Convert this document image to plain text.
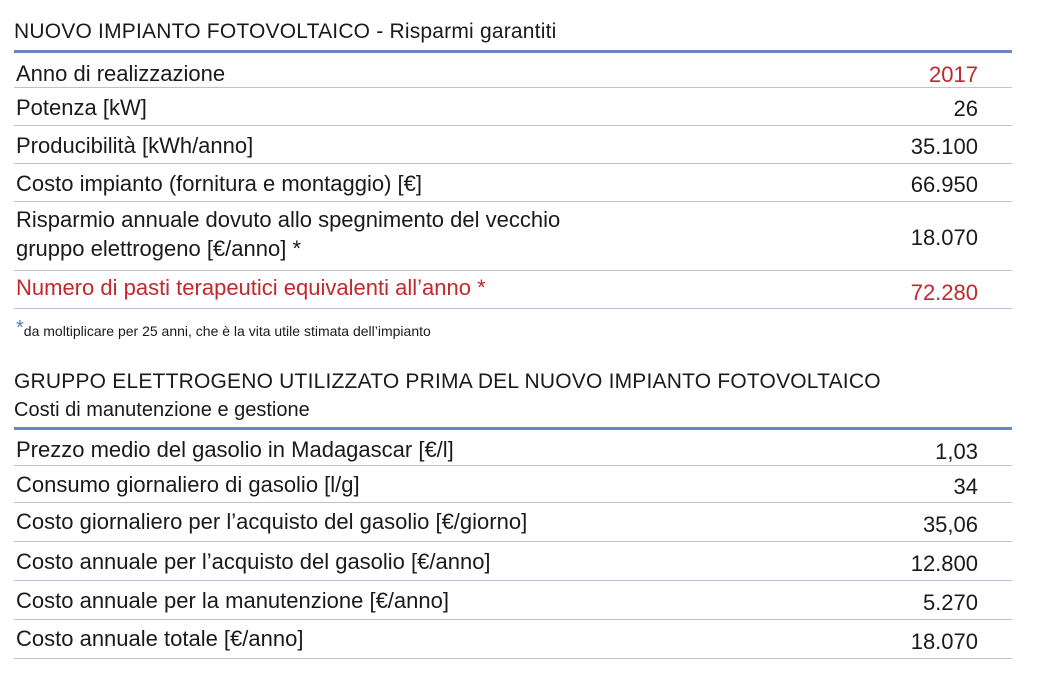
NUOVO IMPIANTO FOTOVOLTAICO - Risparmi garantiti
Anno di realizzazione	2017
Potenza [kW]	26
Producibilità [kWh/anno]	35.100
Costo impianto (fornitura e montaggio) [€]	66.950
Risparmio annuale dovuto allo spegnimento del vecchio
gruppo elettrogeno [€/anno] *	18.070
Numero di pasti terapeutici equivalenti all’anno *	72.280
*da moltiplicare per 25 anni, che è la vita utile stimata dell’impianto
GRUPPO ELETTROGENO UTILIZZATO PRIMA DEL NUOVO IMPIANTO FOTOVOLTAICO
Costi di manutenzione e gestione
Prezzo medio del gasolio in Madagascar [€/l]	1,03
Consumo giornaliero di gasolio [l/g]	34
Costo giornaliero per l’acquisto del gasolio [€/giorno]	35,06
Costo annuale per l’acquisto del gasolio [€/anno]	12.800
Costo annuale per la manutenzione [€/anno]	5.270
Costo annuale totale [€/anno]	18.070
